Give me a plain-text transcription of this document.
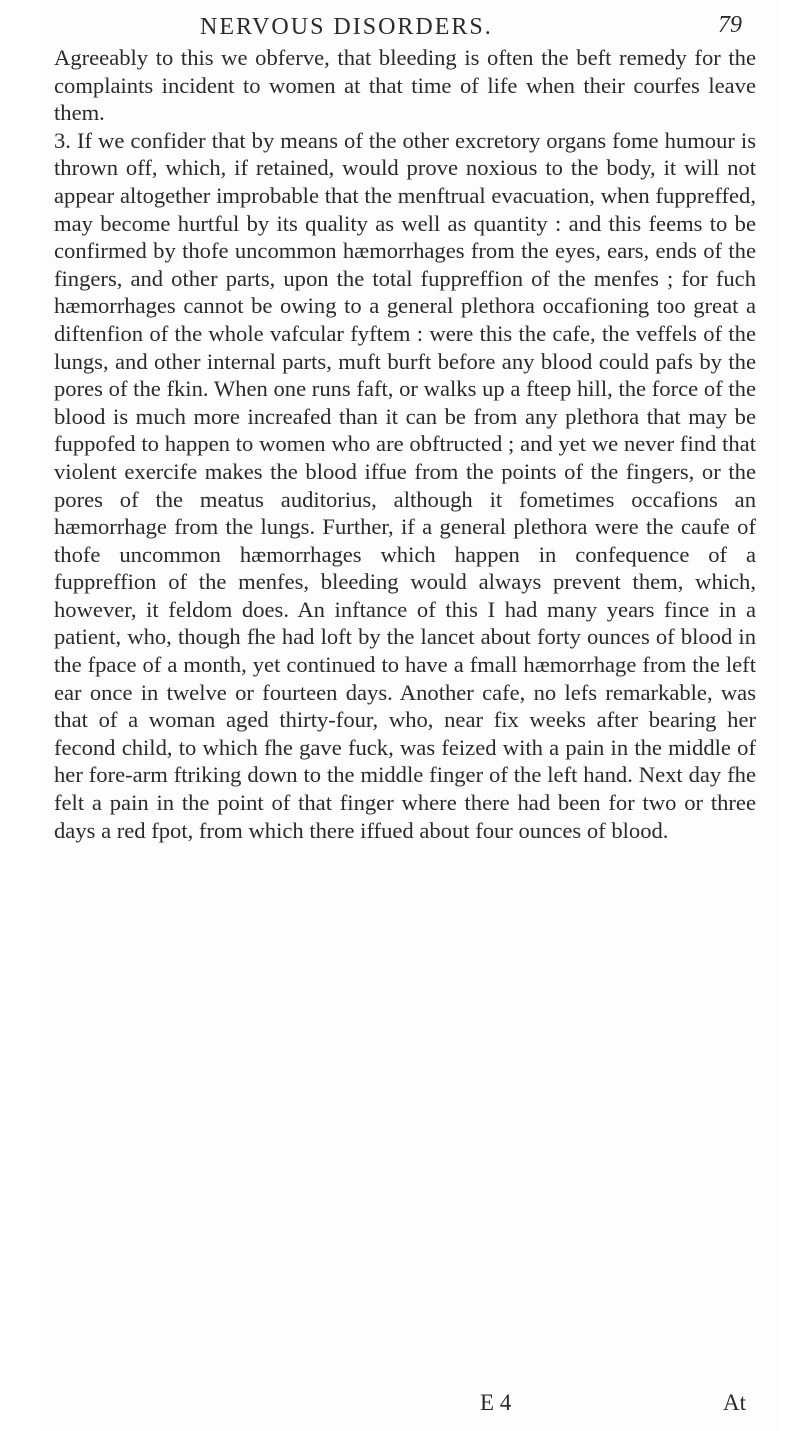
NERVOUS DISORDERS.	79

Agreeably to this we obferve, that bleeding is often the beft remedy for the complaints incident to women at that time of life when their courfes leave them.

3. If we confider that by means of the other excretory organs fome humour is thrown off, which, if retained, would prove noxious to the body, it will not appear altogether improbable that the menftrual evacuation, when fuppreffed, may become hurtful by its quality as well as quantity : and this feems to be confirmed by thofe uncommon hæmorrhages from the eyes, ears, ends of the fingers, and other parts, upon the total fuppreffion of the menfes ; for fuch hæmorrhages cannot be owing to a general plethora occafioning too great a diftenfion of the whole vafcular fyftem : were this the cafe, the veffels of the lungs, and other internal parts, muft burft before any blood could pafs by the pores of the fkin. When one runs faft, or walks up a fteep hill, the force of the blood is much more increafed than it can be from any plethora that may be fuppofed to happen to women who are obftructed ; and yet we never find that violent exercife makes the blood iffue from the points of the fingers, or the pores of the meatus auditorius, although it fometimes occafions an hæmorrhage from the lungs. Further, if a general plethora were the caufe of thofe uncommon hæmorrhages which happen in confequence of a fuppreffion of the menfes, bleeding would always prevent them, which, however, it feldom does. An inftance of this I had many years fince in a patient, who, though fhe had loft by the lancet about forty ounces of blood in the fpace of a month, yet continued to have a fmall hæmorrhage from the left ear once in twelve or fourteen days. Another cafe, no lefs remarkable, was that of a woman aged thirty-four, who, near fix weeks after bearing her fecond child, to which fhe gave fuck, was feized with a pain in the middle of her fore-arm ftriking down to the middle finger of the left hand. Next day fhe felt a pain in the point of that finger where there had been for two or three days a red fpot, from which there iffued about four ounces of blood.

E 4	At
